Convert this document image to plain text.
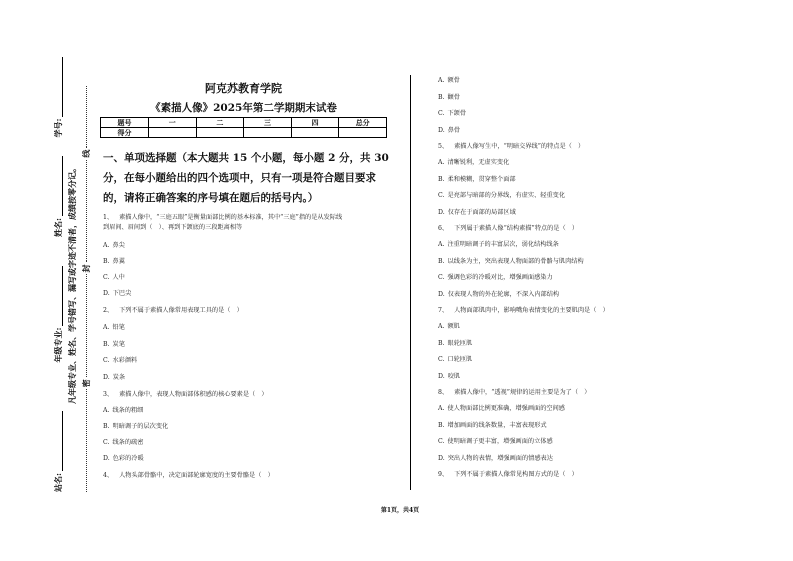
站名: 年级专业: 姓名: 学号:
凡年级专业、姓名、学号错写、漏写或字迹不清者，成绩按零分记。 密
封
线
阿克苏教育学院
《素描人像》2025年第二学期期末试卷
题号	一	二	三	四	总分
得分					
一、单项选择题（本大题共 15 个小题，每小题 2 分，共 30 分，在每小题给出的四个选项中，只有一项是符合题目要求的，请将正确答案的序号填在题后的括号内。）
1、 素描人像中，“三庭五眼”是衡量面部比例的基本标准，其中“三庭”指的是从发际线
到眉间、眉间到（　）、再到下颌底的三段距离相等
A. 鼻尖
B. 鼻翼
C. 人中
D. 下巴尖
2、 下列不属于素描人像常用表现工具的是（　）
A. 铅笔
B. 炭笔
C. 水彩颜料
D. 炭条
3、 素描人像中，表现人物面部体积感的核心要素是（　）
A. 线条的粗细
B. 明暗调子的层次变化
C. 线条的疏密
D. 色彩的冷暖
4、 人物头部骨骼中，决定面部轮廓宽度的主要骨骼是（　）
A. 额骨
B. 颧骨
C. 下颌骨
D. 鼻骨
5、 素描人像写生中，“明暗交界线”的特点是（　）
A. 清晰锐利，无虚实变化
B. 柔和模糊，贯穿整个面部
C. 是亮部与暗部的分界线，有虚实、轻重变化
D. 仅存在于面部的局部区域
6、 下列属于素描人像“结构素描”特点的是（　）
A. 注重明暗调子的丰富层次，弱化结构线条
B. 以线条为主，突出表现人物面部的骨骼与肌肉结构
C. 强调色彩的冷暖对比，增强画面感染力
D. 仅表现人物的外在轮廓，不深入内部结构
7、 人物面部肌肉中，影响嘴角表情变化的主要肌肉是（　）
A. 额肌
B. 眼轮匝肌
C. 口轮匝肌
D. 咬肌
8、 素描人像中，“透视”规律的运用主要是为了（　）
A. 使人物面部比例更准确，增强画面的空间感
B. 增加画面的线条数量，丰富表现形式
C. 使明暗调子更丰富，增强画面的立体感
D. 突出人物的表情，增强画面的情感表达
9、 下列不属于素描人像常见构图方式的是（　）
第1页，共4页
